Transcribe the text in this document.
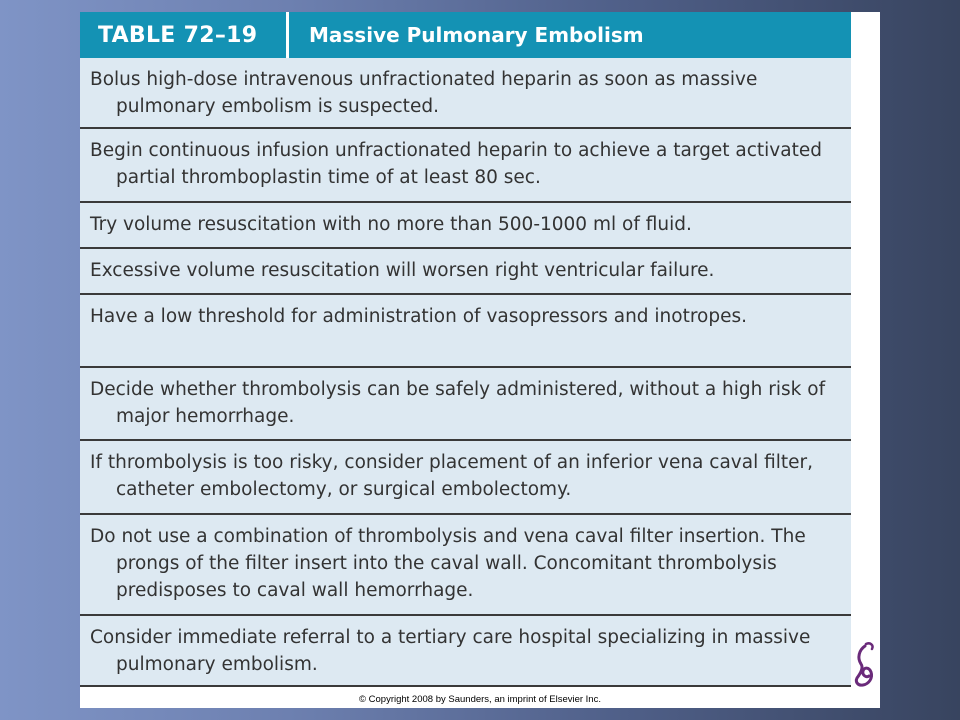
TABLE 72–19	Massive Pulmonary Embolism
Bolus high-dose intravenous unfractionated heparin as soon as massive pulmonary embolism is suspected.
Begin continuous infusion unfractionated heparin to achieve a target activated partial thromboplastin time of at least 80 sec.
Try volume resuscitation with no more than 500-1000 ml of fluid.
Excessive volume resuscitation will worsen right ventricular failure.
Have a low threshold for administration of vasopressors and inotropes.
Decide whether thrombolysis can be safely administered, without a high risk of major hemorrhage.
If thrombolysis is too risky, consider placement of an inferior vena caval filter, catheter embolectomy, or surgical embolectomy.
Do not use a combination of thrombolysis and vena caval filter insertion. The prongs of the filter insert into the caval wall. Concomitant thrombolysis predisposes to caval wall hemorrhage.
Consider immediate referral to a tertiary care hospital specializing in massive pulmonary embolism.
© Copyright 2008 by Saunders, an imprint of Elsevier Inc.
